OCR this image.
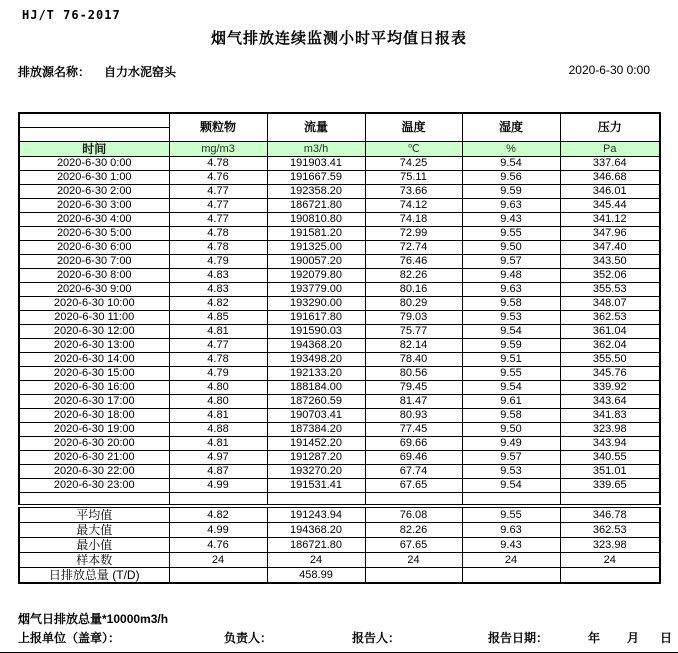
HJ/T 76-2017
烟气排放连续监测小时平均值日报表
排放源名称： 自力水泥窑头	2020-6-30 0:00
	颗粒物	流量	温度	湿度	压力
时间	mg/m3	m3/h	℃	%	Pa
2020-6-30 0:00	4.78	191903.41	74.25	9.54	337.64
2020-6-30 1:00	4.76	191667.59	75.11	9.56	346.68
2020-6-30 2:00	4.77	192358.20	73.66	9.59	346.01
2020-6-30 3:00	4.77	186721.80	74.12	9.63	345.44
2020-6-30 4:00	4.77	190810.80	74.18	9.43	341.12
2020-6-30 5:00	4.78	191581.20	72.99	9.55	347.96
2020-6-30 6:00	4.78	191325.00	72.74	9.50	347.40
2020-6-30 7:00	4.79	190057.20	76.46	9.57	343.50
2020-6-30 8:00	4.83	192079.80	82.26	9.48	352.06
2020-6-30 9:00	4.83	193779.00	80.16	9.63	355.53
2020-6-30 10:00	4.82	193290.00	80.29	9.58	348.07
2020-6-30 11:00	4.85	191617.80	79.03	9.53	362.53
2020-6-30 12:00	4.81	191590.03	75.77	9.54	361.04
2020-6-30 13:00	4.77	194368.20	82.14	9.59	362.04
2020-6-30 14:00	4.78	193498.20	78.40	9.51	355.50
2020-6-30 15:00	4.79	192133.20	80.56	9.55	345.76
2020-6-30 16:00	4.80	188184.00	79.45	9.54	339.92
2020-6-30 17:00	4.80	187260.59	81.47	9.61	343.64
2020-6-30 18:00	4.81	190703.41	80.93	9.58	341.83
2020-6-30 19:00	4.88	187384.20	77.45	9.50	323.98
2020-6-30 20:00	4.81	191452.20	69.66	9.49	343.94
2020-6-30 21:00	4.97	191287.20	69.46	9.57	340.55
2020-6-30 22:00	4.87	193270.20	67.74	9.53	351.01
2020-6-30 23:00	4.99	191531.41	67.65	9.54	339.65

平均值	4.82	191243.94	76.08	9.55	346.78
最大值	4.99	194368.20	82.26	9.63	362.53
最小值	4.76	186721.80	67.65	9.43	323.98
样本数	24	24	24	24	24
日排放总量 (T/D)		458.99			
烟气日排放总量*10000m3/h
上报单位（盖章）：	负责人：	报告人：	报告日期：	年 月 日
